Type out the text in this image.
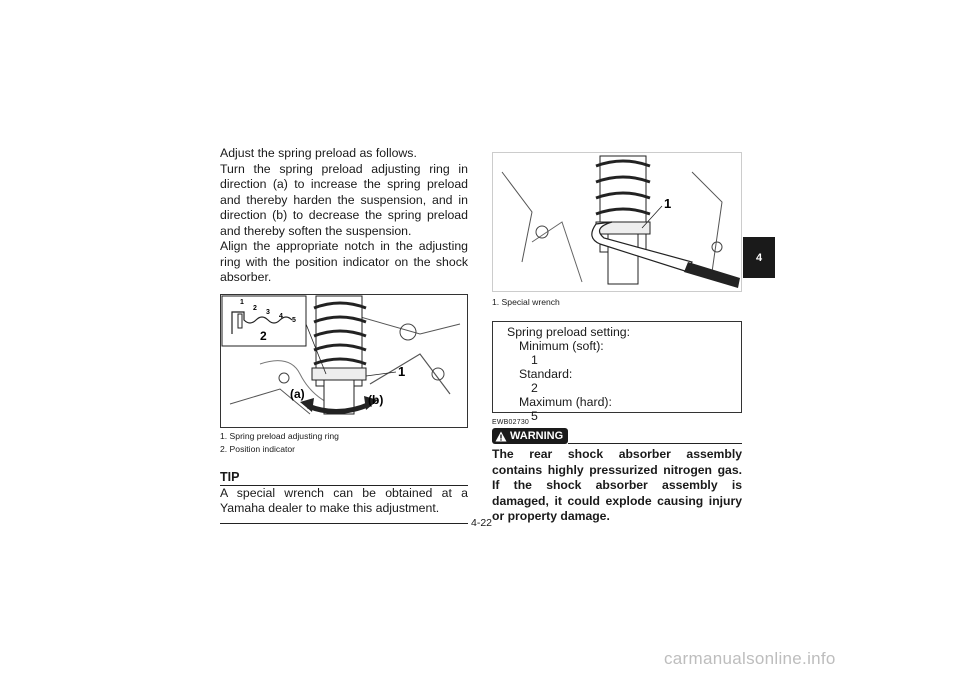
Adjust the spring preload as follows.
Turn the spring preload adjusting ring in direction (a) to increase the spring preload and thereby harden the suspension, and in direction (b) to decrease the spring preload and thereby soften the suspension.
Align the appropriate notch in the adjusting ring with the position indicator on the shock absorber.

1
2
3
4
5
2
1
(a)	(b)
1. Spring preload adjusting ring
2. Position indicator
TIP
A special wrench can be obtained at a Yamaha dealer to make this adjustment.
1
1. Special wrench
Spring preload setting:
Minimum (soft):
1
Standard:
2
Maximum (hard):
5
EWB02730
WARNING
The rear shock absorber assembly contains highly pressurized nitrogen gas. If the shock absorber assembly is damaged, it could explode causing injury or property damage.
4-22
4
carmanualsonline.info
